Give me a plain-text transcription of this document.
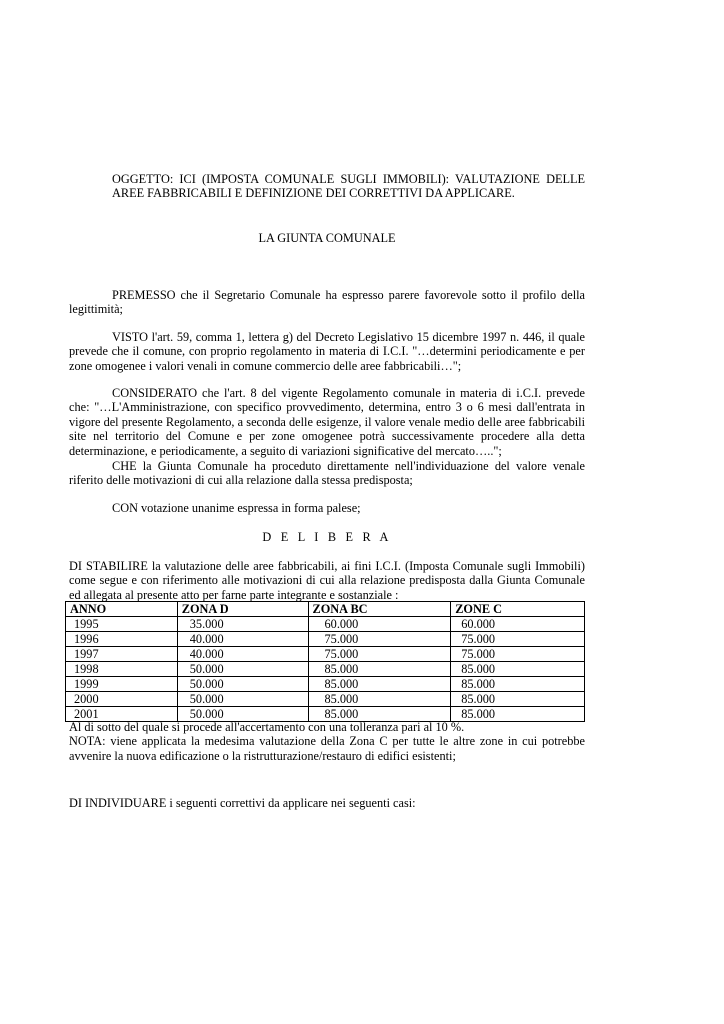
OGGETTO: ICI (IMPOSTA COMUNALE SUGLI IMMOBILI): VALUTAZIONE DELLE AREE FABBRICABILI E DEFINIZIONE DEI CORRETTIVI DA APPLICARE.

LA GIUNTA COMUNALE

PREMESSO che il Segretario Comunale ha espresso parere favorevole sotto il profilo della legittimità;

VISTO l'art. 59, comma 1, lettera g) del Decreto Legislativo 15 dicembre 1997 n. 446, il quale prevede che il comune, con proprio regolamento in materia di I.C.I. "…determini periodicamente e per zone omogenee i valori venali in comune commercio delle aree fabbricabili…";

CONSIDERATO che l'art. 8 del vigente Regolamento comunale in materia di i.C.I. prevede che: "…L'Amministrazione, con specifico provvedimento, determina, entro 3 o 6 mesi dall'entrata in vigore del presente Regolamento, a seconda delle esigenze, il valore venale medio delle aree fabbricabili site nel territorio del Comune e per zone omogenee potrà successivamente procedere alla detta determinazione, e periodicamente, a seguito di variazioni significative del mercato…..";

CHE la Giunta Comunale ha proceduto direttamente nell'individuazione del valore venale riferito delle motivazioni di cui alla relazione dalla stessa predisposta;

CON votazione unanime espressa in forma palese;

D E L I B E R A

DI STABILIRE la valutazione delle aree fabbricabili, ai fini I.C.I. (Imposta Comunale sugli Immobili) come segue e con riferimento alle motivazioni di cui alla relazione predisposta dalla Giunta Comunale ed allegata al presente atto per farne parte integrante e sostanziale :

ANNO	ZONA D	ZONA BC	ZONE C
1995	35.000	60.000	60.000
1996	40.000	75.000	75.000
1997	40.000	75.000	75.000
1998	50.000	85.000	85.000
1999	50.000	85.000	85.000
2000	50.000	85.000	85.000
2001	50.000	85.000	85.000

Al di sotto del quale si procede all'accertamento con una tolleranza pari al 10 %.

NOTA: viene applicata la medesima valutazione della Zona C per tutte le altre zone in cui potrebbe avvenire la nuova edificazione o la ristrutturazione/restauro di edifici esistenti;

DI INDIVIDUARE i seguenti correttivi da applicare nei seguenti casi:
